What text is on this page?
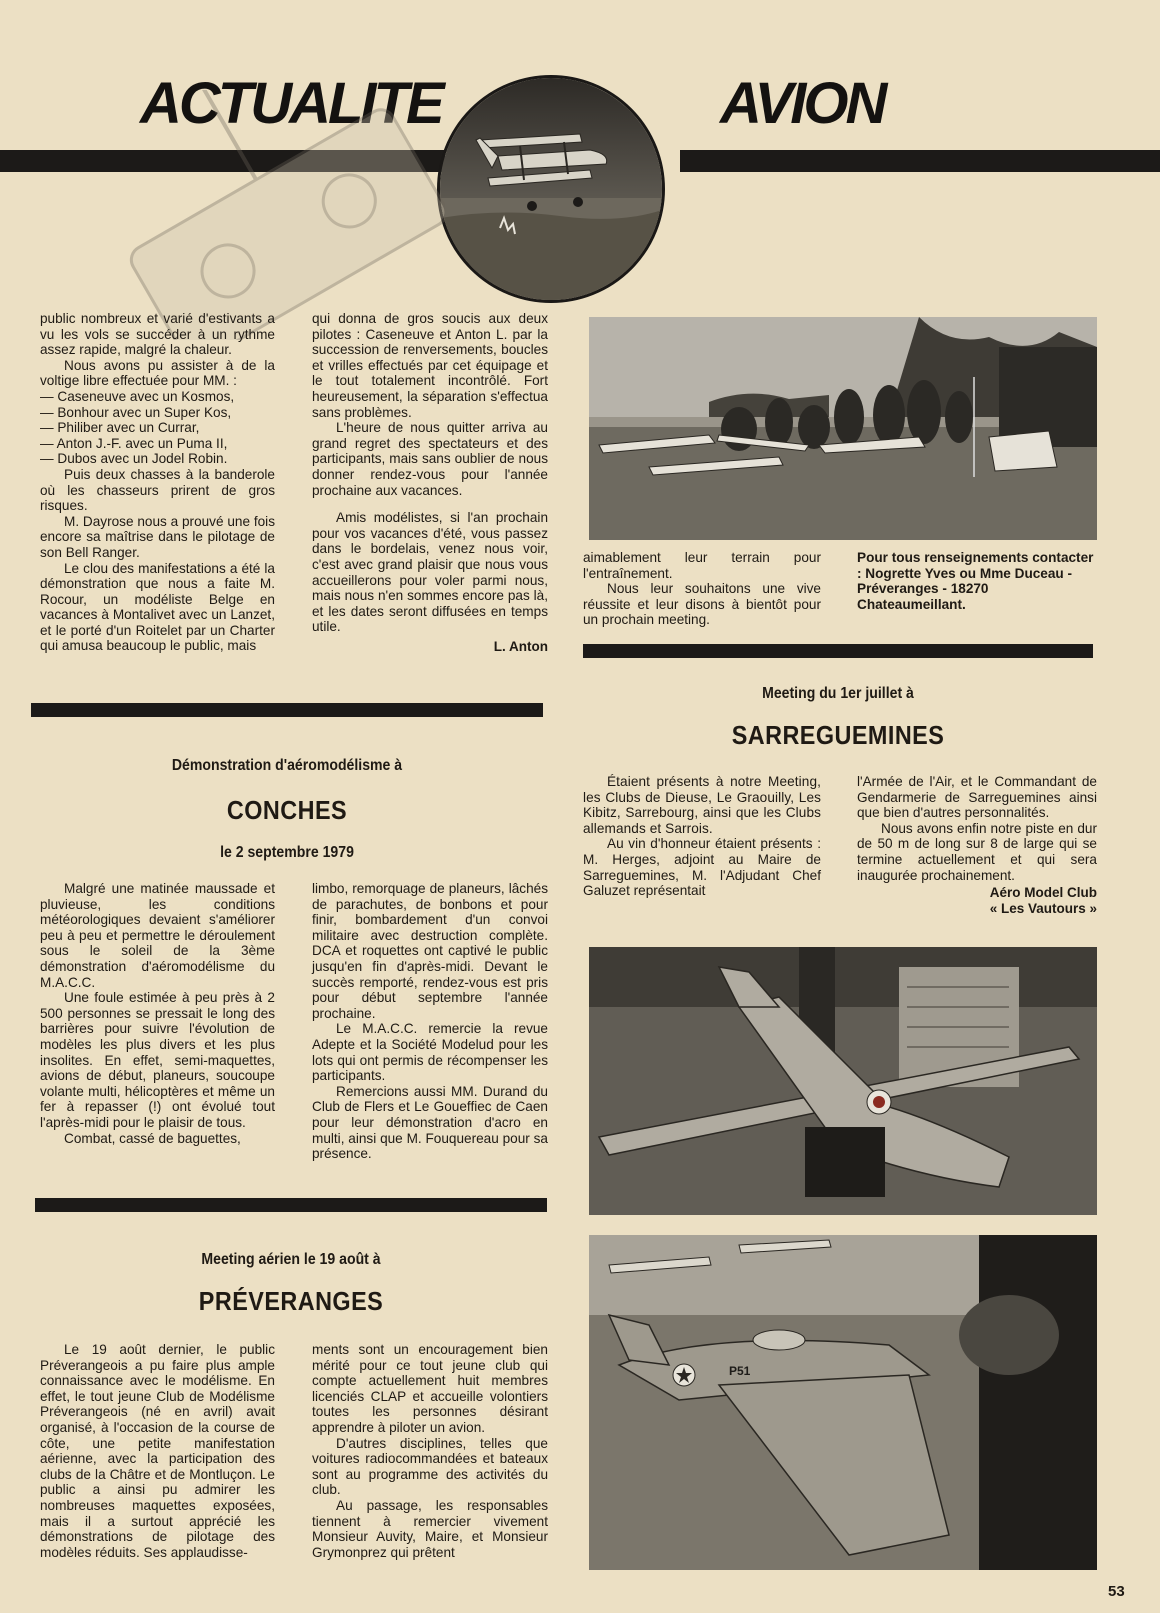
ACTUALITE	AVION

public nombreux et varié d'estivants a vu les vols se succéder à un rythme assez rapide, malgré la chaleur.

Nous avons pu assister à de la voltige libre effectuée pour MM. :

— Caseneuve avec un Kosmos,

— Bonhour avec un Super Kos,

— Philiber avec un Currar,

— Anton J.-F. avec un Puma II,

— Dubos avec un Jodel Robin.

Puis deux chasses à la banderole où les chasseurs prirent de gros risques.

M. Dayrose nous a prouvé une fois encore sa maîtrise dans le pilotage de son Bell Ranger.

Le clou des manifestations a été la démonstration que nous a faite M. Rocour, un modéliste Belge en vacances à Montalivet avec un Lanzet, et le porté d'un Roitelet par un Charter qui amusa beaucoup le public, mais

qui donna de gros soucis aux deux pilotes : Caseneuve et Anton L. par la succession de renversements, boucles et vrilles effectués par cet équipage et le tout totalement incontrôlé. Fort heureusement, la séparation s'effectua sans problèmes.

L'heure de nous quitter arriva au grand regret des spectateurs et des participants, mais sans oublier de nous donner rendez-vous pour l'année prochaine aux vacances.

Amis modélistes, si l'an prochain pour vos vacances d'été, vous passez dans le bordelais, venez nous voir, c'est avec grand plaisir que nous vous accueillerons pour voler parmi nous, mais nous n'en sommes encore pas là, et les dates seront diffusées en temps utile.

L. Anton

aimablement leur terrain pour l'entraînement.

Nous leur souhaitons une vive réussite et leur disons à bientôt pour un prochain meeting.

Pour tous renseignements contacter : Nogrette Yves ou Mme Duceau - Préveranges - 18270 Chateaumeillant.

Meeting du 1er juillet à
SARREGUEMINES

Étaient présents à notre Meeting, les Clubs de Dieuse, Le Graouilly, Les Kibitz, Sarrebourg, ainsi que les Clubs allemands et Sarrois.

Au vin d'honneur étaient présents : M. Herges, adjoint au Maire de Sarreguemines, M. l'Adjudant Chef Galuzet représentait

l'Armée de l'Air, et le Commandant de Gendarmerie de Sarreguemines ainsi que bien d'autres personnalités.

Nous avons enfin notre piste en dur de 50 m de long sur 8 de large qui se termine actuellement et qui sera inaugurée prochainement.

Aéro Model Club
« Les Vautours »
P51
Démonstration d'aéromodélisme à
CONCHES
le 2 septembre 1979

Malgré une matinée maussade et pluvieuse, les conditions météorologiques devaient s'améliorer peu à peu et permettre le déroulement sous le soleil de la 3ème démonstration d'aéromodélisme du M.A.C.C.

Une foule estimée à peu près à 2 500 personnes se pressait le long des barrières pour suivre l'évolution de modèles les plus divers et les plus insolites. En effet, semi-maquettes, avions de début, planeurs, soucoupe volante multi, hélicoptères et même un fer à repasser (!) ont évolué tout l'après-midi pour le plaisir de tous.

Combat, cassé de baguettes,

limbo, remorquage de planeurs, lâchés de parachutes, de bonbons et pour finir, bombardement d'un convoi militaire avec destruction complète. DCA et roquettes ont captivé le public jusqu'en fin d'après-midi. Devant le succès remporté, rendez-vous est pris pour début septembre l'année prochaine.

Le M.A.C.C. remercie la revue Adepte et la Société Modelud pour les lots qui ont permis de récompenser les participants.

Remercions aussi MM. Durand du Club de Flers et Le Goueffiec de Caen pour leur démonstration d'acro en multi, ainsi que M. Fouquereau pour sa présence.

Meeting aérien le 19 août à
PRÉVERANGES

Le 19 août dernier, le public Préverangeois a pu faire plus ample connaissance avec le modélisme. En effet, le tout jeune Club de Modélisme Préverangeois (né en avril) avait organisé, à l'occasion de la course de côte, une petite manifestation aérienne, avec la participation des clubs de la Châtre et de Montluçon. Le public a ainsi pu admirer les nombreuses maquettes exposées, mais il a surtout apprécié les démonstrations de pilotage des modèles réduits. Ses applaudisse-

ments sont un encouragement bien mérité pour ce tout jeune club qui compte actuellement huit membres licenciés CLAP et accueille volontiers toutes les personnes désirant apprendre à piloter un avion.

D'autres disciplines, telles que voitures radiocommandées et bateaux sont au programme des activités du club.

Au passage, les responsables tiennent à remercier vivement Monsieur Auvity, Maire, et Monsieur Grymonprez qui prêtent

53
